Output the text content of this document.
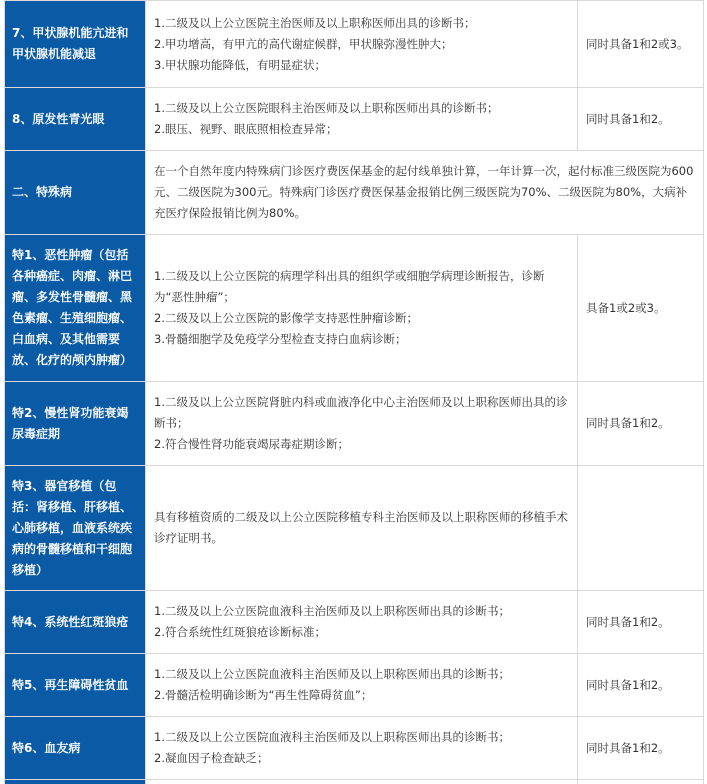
7、甲状腺机能亢进和甲状腺机能减退	1.二级及以上公立医院主治医师及以上职称医师出具的诊断书；
2.甲功增高，有甲亢的高代谢症候群，甲状腺弥漫性肿大；
3.甲状腺功能降低，有明显症状；	同时具备1和2或3。
8、原发性青光眼	1.二级及以上公立医院眼科主治医师及以上职称医师出具的诊断书；
2.眼压、视野、眼底照相检查异常；	同时具备1和2。
二、特殊病	在一个自然年度内特殊病门诊医疗费医保基金的起付线单独计算，一年计算一次，起付标准三级医院为600元、二级医院为300元。特殊病门诊医疗费医保基金报销比例三级医院为70%、二级医院为80%，大病补充医疗保险报销比例为80%。	
特1、恶性肿瘤（包括各种癌症、肉瘤、淋巴瘤、多发性骨髓瘤、黑色素瘤、生殖细胞瘤、白血病、及其他需要放、化疗的颅内肿瘤）	1.二级及以上公立医院的病理学科出具的组织学或细胞学病理诊断报告，诊断为“恶性肿瘤”；
2.二级及以上公立医院的影像学支持恶性肿瘤诊断；
3.骨髓细胞学及免疫学分型检查支持白血病诊断；	具备1或2或3。
特2、慢性肾功能衰竭尿毒症期	1.二级及以上公立医院肾脏内科或血液净化中心主治医师及以上职称医师出具的诊断书；
2.符合慢性肾功能衰竭尿毒症期诊断；	同时具备1和2。
特3、器官移植（包括：肾移植、肝移植、心肺移植，血液系统疾病的骨髓移植和干细胞移植）	具有移植资质的二级及以上公立医院移植专科主治医师及以上职称医师的移植手术诊疗证明书。	

特4、系统性红斑狼疮	1.二级及以上公立医院血液科主治医师及以上职称医师出具的诊断书；
2.符合系统性红斑狼疮诊断标准；	同时具备1和2。
特5、再生障碍性贫血	1.二级及以上公立医院血液科主治医师及以上职称医师出具的诊断书；
2.骨髓活检明确诊断为“再生性障碍贫血”；	同时具备1和2。
特6、血友病	1.二级及以上公立医院血液科主治医师及以上职称医师出具的诊断书；
2.凝血因子检查缺乏；	同时具备1和2。
